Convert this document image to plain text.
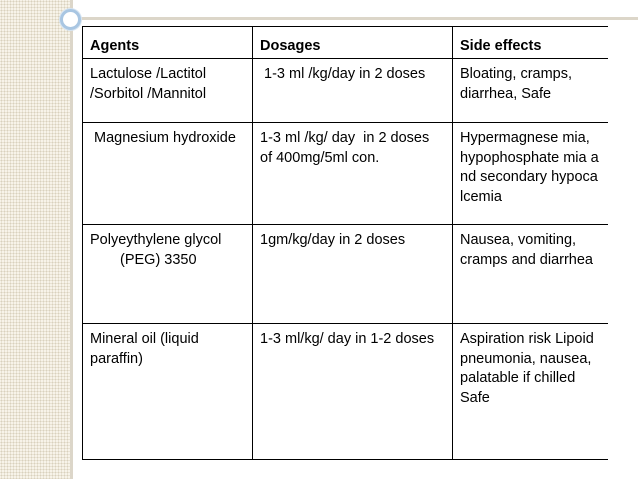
Agents	Dosages	Side effects

Lactulose /Lactitol /Sorbitol /Mannitol	1-3 ml /kg/day in 2 doses	Bloating, cramps, diarrhea, Safe

Magnesium hydroxide	1-3 ml /kg/ day  in 2 doses of 400mg/5ml con.	Hypermagnese mia, hypophosphate mia and secondary hypocalcemia

Polyeythylene glycol
(PEG) 3350	1gm/kg/day in 2 doses	Nausea, vomiting, cramps and diarrhea

Mineral oil (liquid paraffin)	1-3 ml/kg/ day in 1-2 doses	Aspiration risk Lipoid pneumonia, nausea, palatable if chilled Safe
